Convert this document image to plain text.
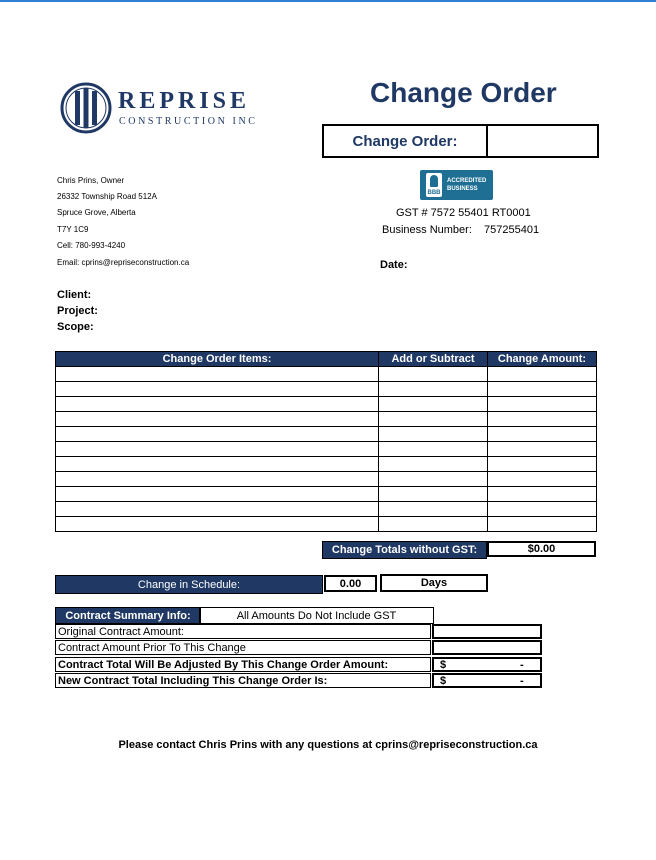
REPRISE
CONSTRUCTION INC
Change Order
Change Order:
Chris Prins, Owner
26332 Township Road 512A
Spruce Grove, Alberta
T7Y 1C9
Cell: 780-993-4240
Email: cprins@repriseconstruction.ca
BBB
ACCREDITED
BUSINESS
GST # 7572 55401 RT0001
Business Number: 757255401
Date:
Client:
Project:
Scope:
Change Order Items:	Add or Subtract	Change Amount:

Change Totals without GST:	$0.00
Change in Schedule:	0.00	Days
Contract Summary Info:	All Amounts Do Not Include GST
Original Contract Amount:
Contract Amount Prior To This Change
Contract Total Will Be Adjusted By This Change Order Amount:	$	-
New Contract Total Including This Change Order Is:	$	-
Please contact Chris Prins with any questions at cprins@repriseconstruction.ca
